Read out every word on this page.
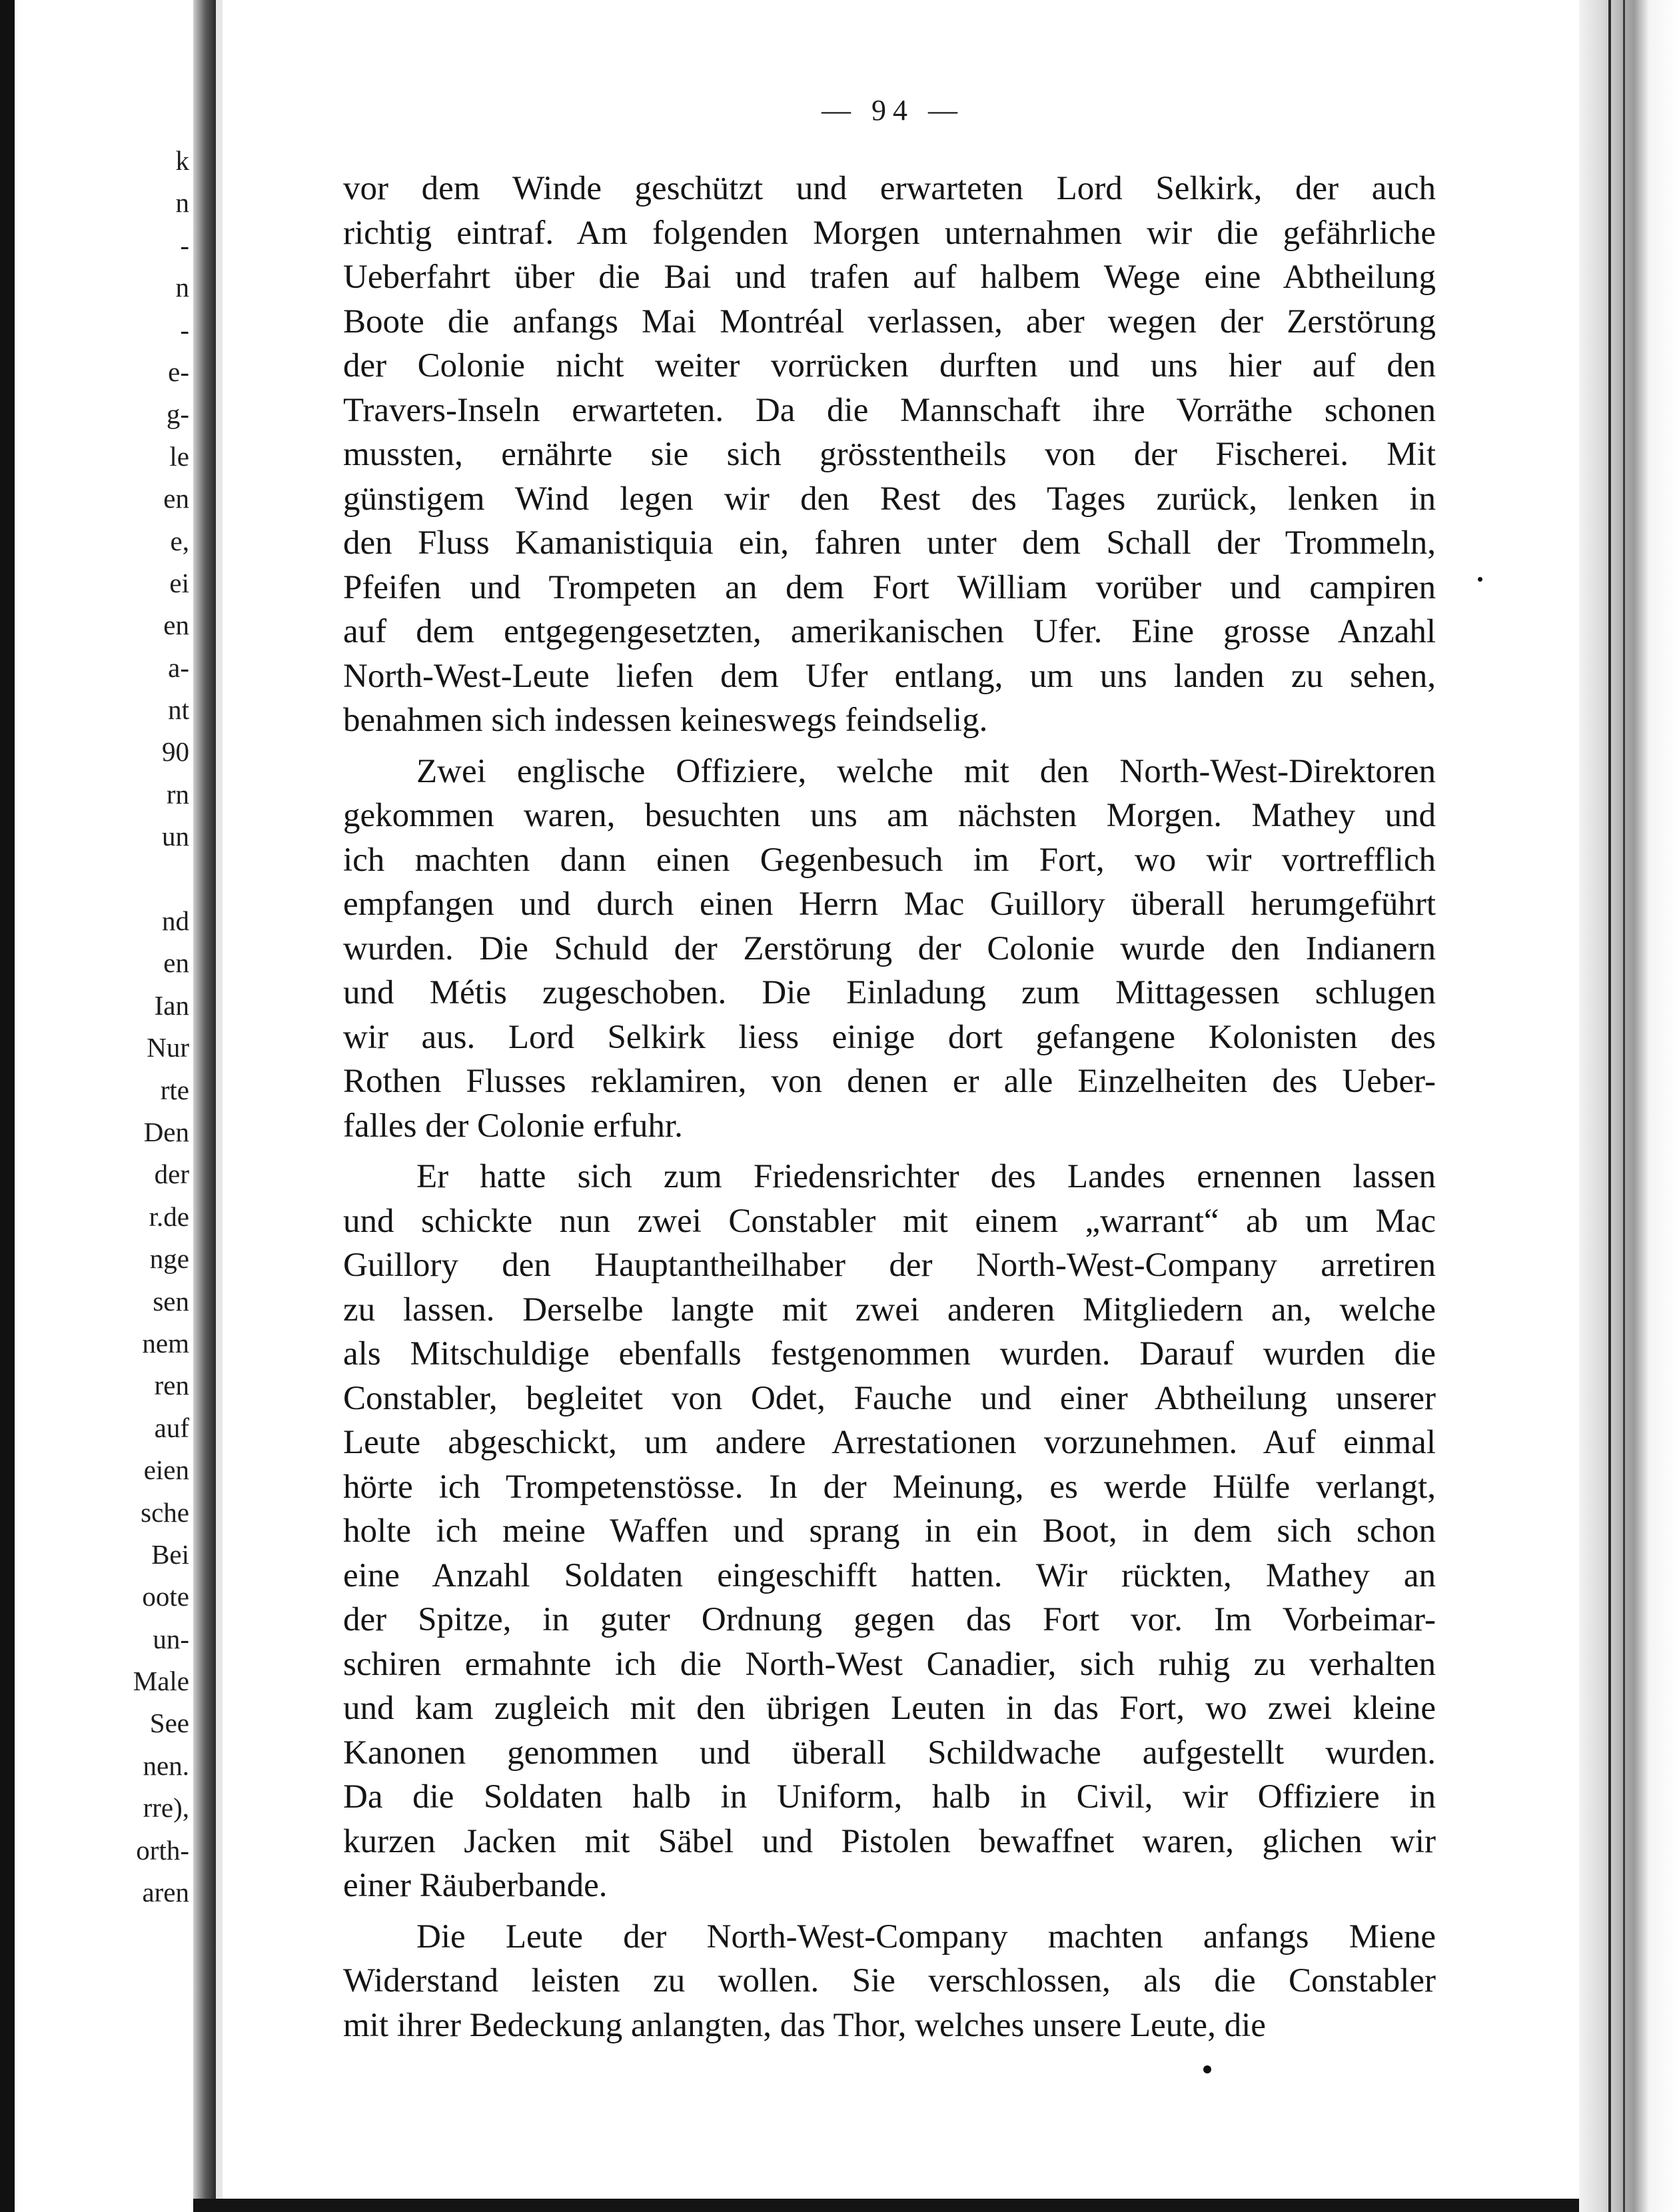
k
n
-
n
-
e-
g-
le
en
e,
ei
en
a-
nt
90
rn
un
nd
en
Ian
Nur
rte
Den
der
r.de
nge
sen
nem
ren
auf
eien
sche
Bei
oote
un-
Male
See
nen.
rre),
orth-
aren
— 94 —
vor dem Winde geschützt und erwarteten Lord Selkirk, der auch
richtig eintraf. Am folgenden Morgen unternahmen wir die gefährliche
Ueberfahrt über die Bai und trafen auf halbem Wege eine Abtheilung
Boote die anfangs Mai Montréal verlassen, aber wegen der Zerstörung
der Colonie nicht weiter vorrücken durften und uns hier auf den
Travers-Inseln erwarteten. Da die Mannschaft ihre Vorräthe schonen
mussten, ernährte sie sich grösstentheils von der Fischerei. Mit
günstigem Wind legen wir den Rest des Tages zurück, lenken in
den Fluss Kamanistiquia ein, fahren unter dem Schall der Trommeln,
Pfeifen und Trompeten an dem Fort William vorüber und campiren
auf dem entgegengesetzten, amerikanischen Ufer. Eine grosse Anzahl
North-West-Leute liefen dem Ufer entlang, um uns landen zu sehen,
benahmen sich indessen keineswegs feindselig.
Zwei englische Offiziere, welche mit den North-West-Direktoren
gekommen waren, besuchten uns am nächsten Morgen. Mathey und
ich machten dann einen Gegenbesuch im Fort, wo wir vortrefflich
empfangen und durch einen Herrn Mac Guillory überall herumgeführt
wurden. Die Schuld der Zerstörung der Colonie wurde den Indianern
und Métis zugeschoben. Die Einladung zum Mittagessen schlugen
wir aus. Lord Selkirk liess einige dort gefangene Kolonisten des
Rothen Flusses reklamiren, von denen er alle Einzelheiten des Ueber-
falles der Colonie erfuhr.
Er hatte sich zum Friedensrichter des Landes ernennen lassen
und schickte nun zwei Constabler mit einem „warrant“ ab um Mac
Guillory den Hauptantheilhaber der North-West-Company arretiren
zu lassen. Derselbe langte mit zwei anderen Mitgliedern an, welche
als Mitschuldige ebenfalls festgenommen wurden. Darauf wurden die
Constabler, begleitet von Odet, Fauche und einer Abtheilung unserer
Leute abgeschickt, um andere Arrestationen vorzunehmen. Auf einmal
hörte ich Trompetenstösse. In der Meinung, es werde Hülfe verlangt,
holte ich meine Waffen und sprang in ein Boot, in dem sich schon
eine Anzahl Soldaten eingeschifft hatten. Wir rückten, Mathey an
der Spitze, in guter Ordnung gegen das Fort vor. Im Vorbeimar-
schiren ermahnte ich die North-West Canadier, sich ruhig zu verhalten
und kam zugleich mit den übrigen Leuten in das Fort, wo zwei kleine
Kanonen genommen und überall Schildwache aufgestellt wurden.
Da die Soldaten halb in Uniform, halb in Civil, wir Offiziere in
kurzen Jacken mit Säbel und Pistolen bewaffnet waren, glichen wir
einer Räuberbande.
Die Leute der North-West-Company machten anfangs Miene
Widerstand leisten zu wollen. Sie verschlossen, als die Constabler
mit ihrer Bedeckung anlangten, das Thor, welches unsere Leute, die
